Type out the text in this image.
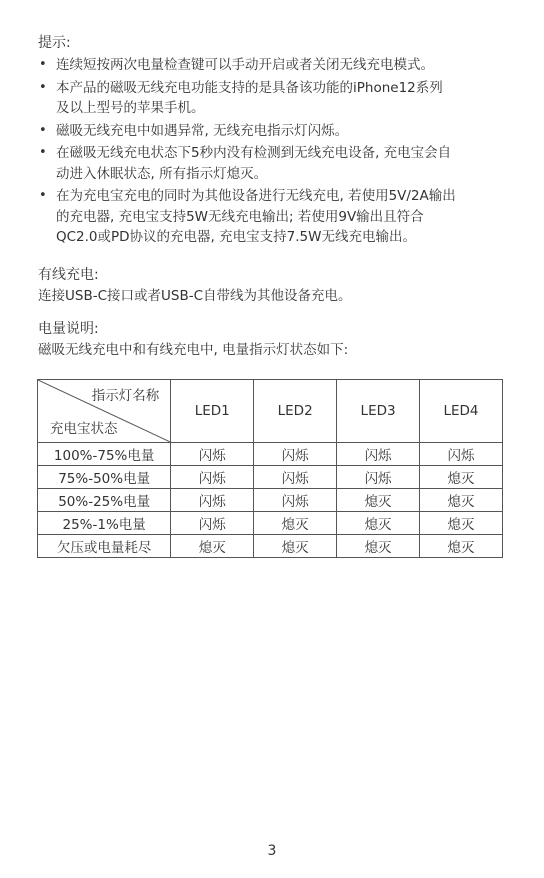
提示:
• 连续短按两次电量检查键可以手动开启或者关闭无线充电模式。
• 本产品的磁吸无线充电功能支持的是具备该功能的iPhone12系列
及以上型号的苹果手机。
• 磁吸无线充电中如遇异常, 无线充电指示灯闪烁。
• 在磁吸无线充电状态下5秒内没有检测到无线充电设备, 充电宝会自
动进入休眠状态, 所有指示灯熄灭。
• 在为充电宝充电的同时为其他设备进行无线充电, 若使用5V/2A输出
的充电器, 充电宝支持5W无线充电输出; 若使用9V输出且符合
QC2.0或PD协议的充电器, 充电宝支持7.5W无线充电输出。
有线充电:
连接USB-C接口或者USB-C自带线为其他设备充电。
电量说明:
磁吸无线充电中和有线充电中, 电量指示灯状态如下:
指示灯名称
充电宝状态	LED1	LED2	LED3	LED4
100%-75%电量	闪烁	闪烁	闪烁	闪烁
75%-50%电量	闪烁	闪烁	闪烁	熄灭
50%-25%电量	闪烁	闪烁	熄灭	熄灭
25%-1%电量	闪烁	熄灭	熄灭	熄灭
欠压或电量耗尽	熄灭	熄灭	熄灭	熄灭
3
